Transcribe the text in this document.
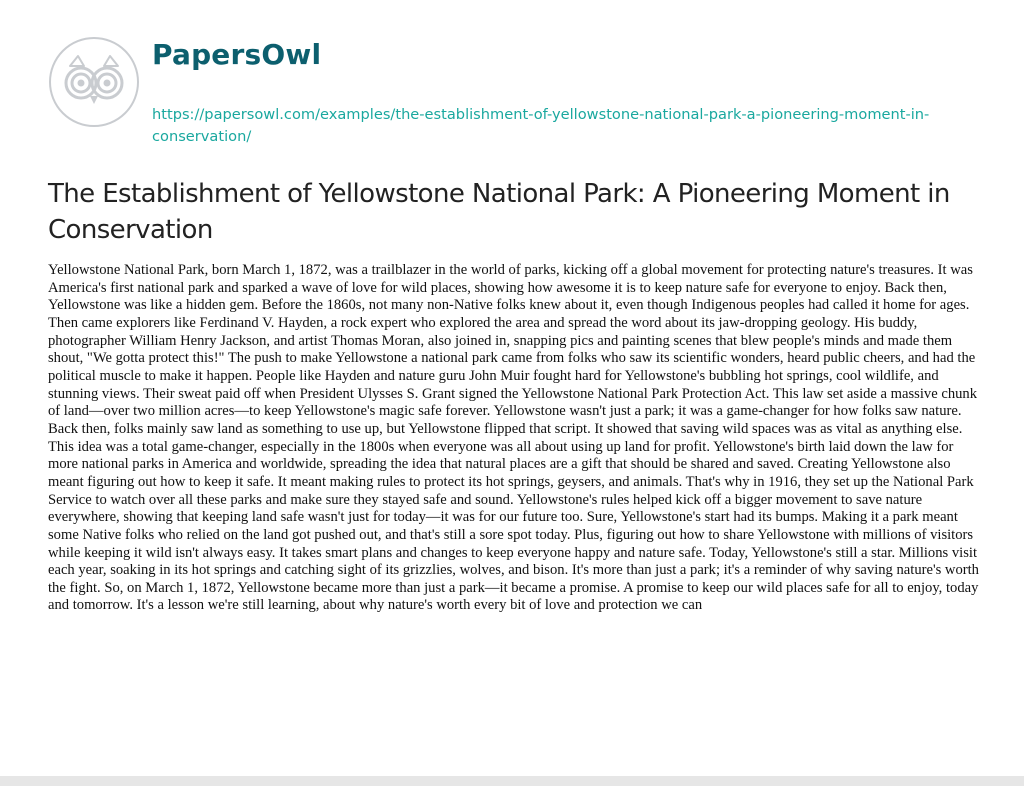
PapersOwl
https://papersowl.com/examples/the-establishment-of-yellowstone-national-park-a-pioneering-moment-in-conservation/
The Establishment of Yellowstone National Park: A Pioneering Moment in Conservation

Yellowstone National Park, born March 1, 1872, was a trailblazer in the world of parks, kicking off a global movement for protecting nature's treasures. It was America's first national park and sparked a wave of love for wild places, showing how awesome it is to keep nature safe for everyone to enjoy. Back then, Yellowstone was like a hidden gem. Before the 1860s, not many non-Native folks knew about it, even though Indigenous peoples had called it home for ages. Then came explorers like Ferdinand V. Hayden, a rock expert who explored the area and spread the word about its jaw-dropping geology. His buddy, photographer William Henry Jackson, and artist Thomas Moran, also joined in, snapping pics and painting scenes that blew people's minds and made them shout, "We gotta protect this!" The push to make Yellowstone a national park came from folks who saw its scientific wonders, heard public cheers, and had the political muscle to make it happen. People like Hayden and nature guru John Muir fought hard for Yellowstone's bubbling hot springs, cool wildlife, and stunning views. Their sweat paid off when President Ulysses S. Grant signed the Yellowstone National Park Protection Act. This law set aside a massive chunk of land—over two million acres—to keep Yellowstone's magic safe forever. Yellowstone wasn't just a park; it was a game-changer for how folks saw nature. Back then, folks mainly saw land as something to use up, but Yellowstone flipped that script. It showed that saving wild spaces was as vital as anything else. This idea was a total game-changer, especially in the 1800s when everyone was all about using up land for profit. Yellowstone's birth laid down the law for more national parks in America and worldwide, spreading the idea that natural places are a gift that should be shared and saved. Creating Yellowstone also meant figuring out how to keep it safe. It meant making rules to protect its hot springs, geysers, and animals. That's why in 1916, they set up the National Park Service to watch over all these parks and make sure they stayed safe and sound. Yellowstone's rules helped kick off a bigger movement to save nature everywhere, showing that keeping land safe wasn't just for today—it was for our future too. Sure, Yellowstone's start had its bumps. Making it a park meant some Native folks who relied on the land got pushed out, and that's still a sore spot today. Plus, figuring out how to share Yellowstone with millions of visitors while keeping it wild isn't always easy. It takes smart plans and changes to keep everyone happy and nature safe. Today, Yellowstone's still a star. Millions visit each year, soaking in its hot springs and catching sight of its grizzlies, wolves, and bison. It's more than just a park; it's a reminder of why saving nature's worth the fight. So, on March 1, 1872, Yellowstone became more than just a park—it became a promise. A promise to keep our wild places safe for all to enjoy, today and tomorrow. It's a lesson we're still learning, about why nature's worth every bit of love and protection we can
